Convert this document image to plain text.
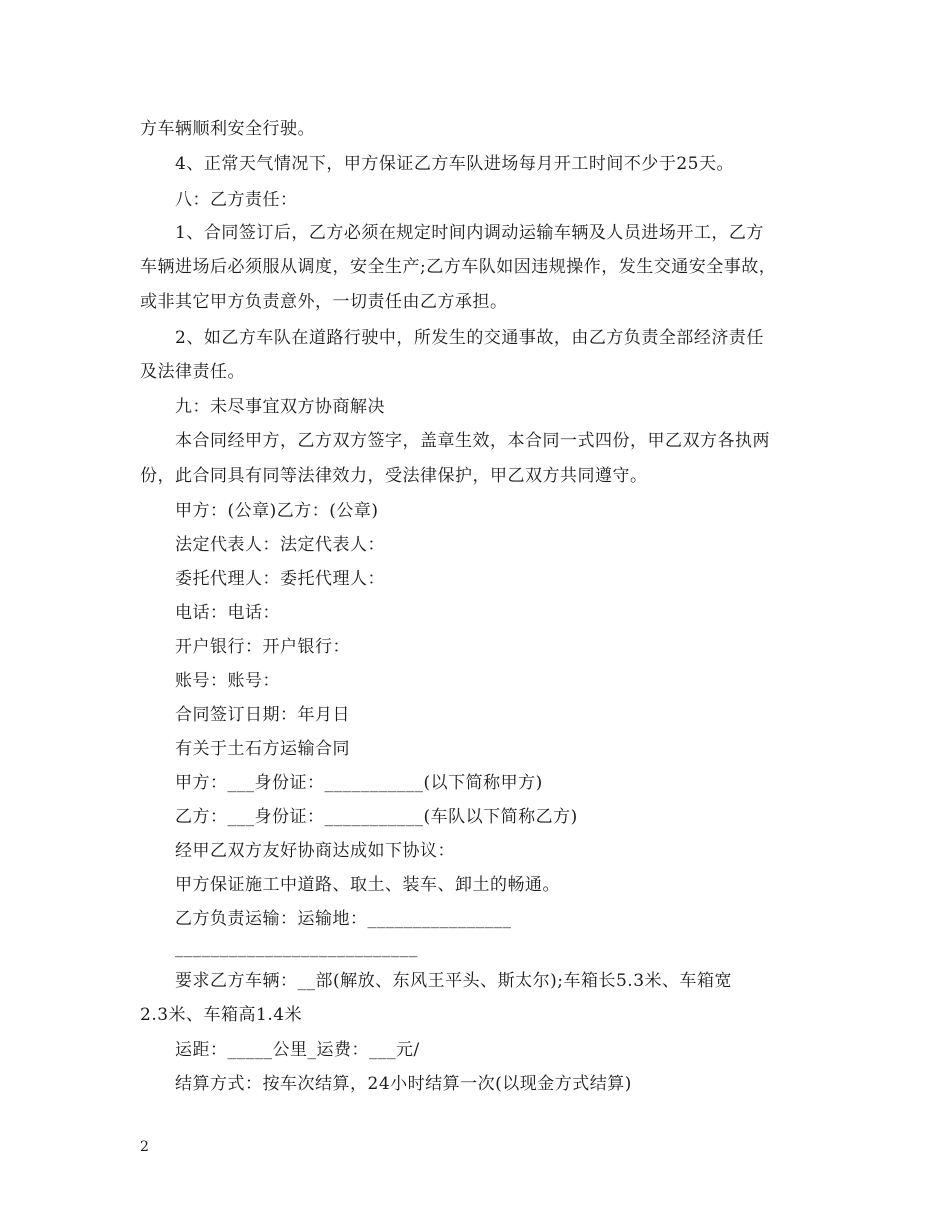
方车辆顺利安全行驶。
4、正常天气情况下，甲方保证乙方车队进场每月开工时间不少于25天。
八：乙方责任：
1、合同签订后，乙方必须在规定时间内调动运输车辆及人员进场开工，乙方
车辆进场后必须服从调度，安全生产;乙方车队如因违规操作，发生交通安全事故，
或非其它甲方负责意外，一切责任由乙方承担。
2、如乙方车队在道路行驶中，所发生的交通事故，由乙方负责全部经济责任
及法律责任。
九：未尽事宜双方协商解决
本合同经甲方，乙方双方签字，盖章生效，本合同一式四份，甲乙双方各执两
份，此合同具有同等法律效力，受法律保护，甲乙双方共同遵守。
甲方：(公章)乙方：(公章)
法定代表人：法定代表人：
委托代理人：委托代理人：
电话：电话：
开户银行：开户银行：
账号：账号：
合同签订日期：年月日
有关于土石方运输合同
甲方：___身份证：___________(以下简称甲方)
乙方：___身份证：___________(车队以下简称乙方)
经甲乙双方友好协商达成如下协议：
甲方保证施工中道路、取土、装车、卸土的畅通。
乙方负责运输：运输地：________________
___________________________
要求乙方车辆：__部(解放、东风王平头、斯太尔);车箱长5.3米、车箱宽
2.3米、车箱高1.4米
运距：_____公里_运费：___元/
结算方式：按车次结算，24小时结算一次(以现金方式结算)
2
